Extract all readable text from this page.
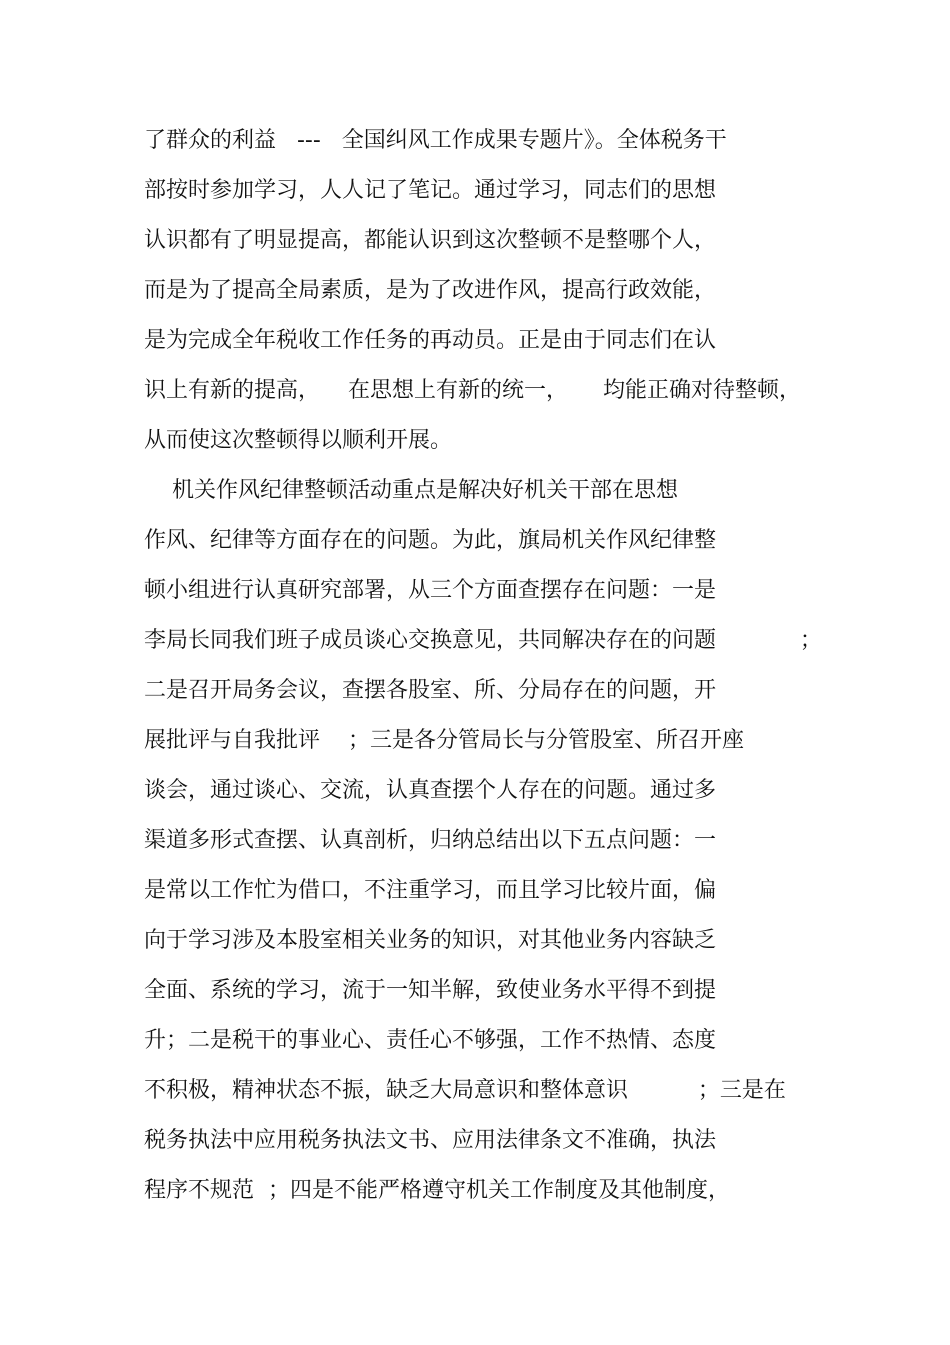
了群众的利益   ---   全国纠风工作成果专题片》。全体税务干

部按时参加学习，人人记了笔记。通过学习，同志们的思想

认识都有了明显提高，都能认识到这次整顿不是整哪个人，

而是为了提高全局素质，是为了改进作风，提高行政效能，

是为完成全年税收工作任务的再动员。正是由于同志们在认

识上有新的提高，    在思想上有新的统一，     均能正确对待整顿，

从而使这次整顿得以顺利开展。

机关作风纪律整顿活动重点是解决好机关干部在思想

作风、纪律等方面存在的问题。为此，旗局机关作风纪律整

顿小组进行认真研究部署，从三个方面查摆存在问题：一是

李局长同我们班子成员谈心交换意见，共同解决存在的问题            ；

二是召开局务会议，查摆各股室、所、分局存在的问题，开

展批评与自我批评    ；三是各分管局长与分管股室、所召开座

谈会，通过谈心、交流，认真查摆个人存在的问题。通过多

渠道多形式查摆、认真剖析，归纳总结出以下五点问题：一

是常以工作忙为借口，不注重学习，而且学习比较片面，偏

向于学习涉及本股室相关业务的知识，对其他业务内容缺乏

全面、系统的学习，流于一知半解，致使业务水平得不到提

升；二是税干的事业心、责任心不够强，工作不热情、态度

不积极，精神状态不振，缺乏大局意识和整体意识          ；三是在

税务执法中应用税务执法文书、应用法律条文不准确，执法

程序不规范  ；四是不能严格遵守机关工作制度及其他制度，
